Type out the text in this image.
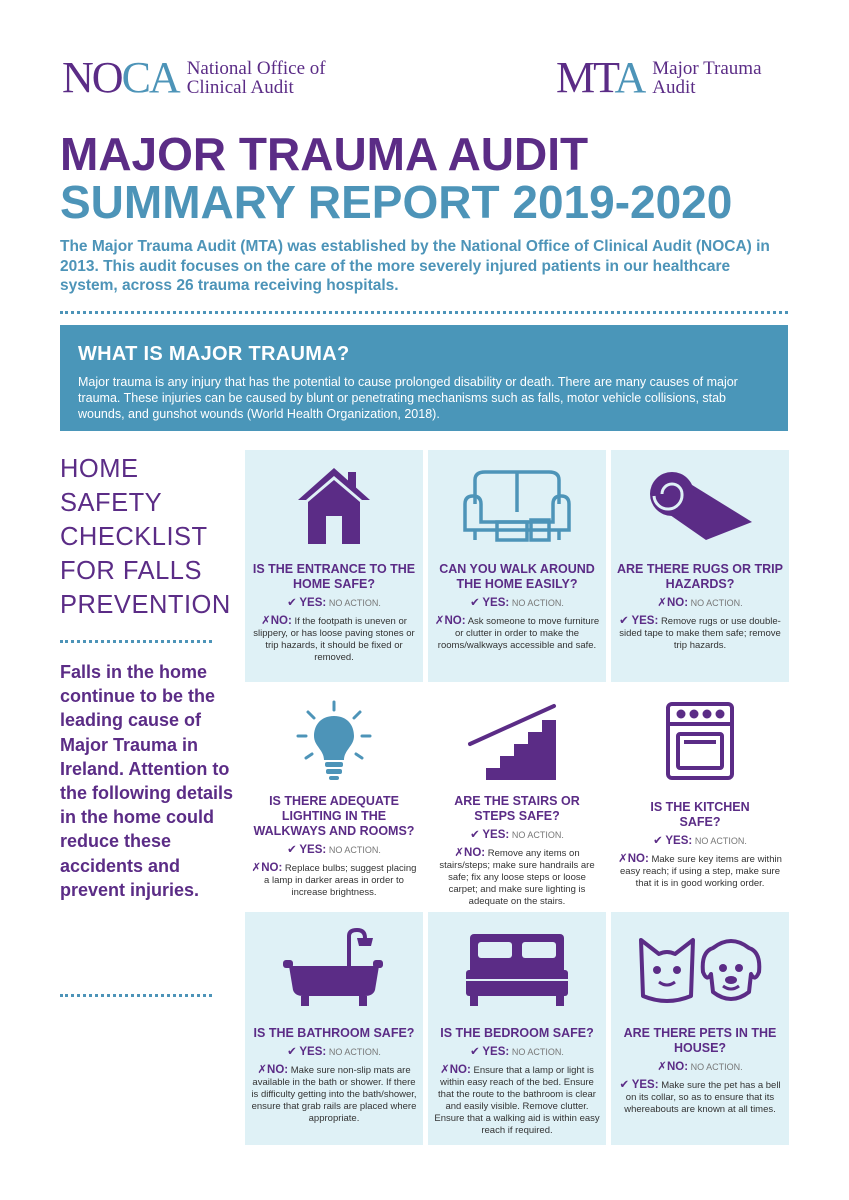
NOCA National Office of
Clinical Audit	MTA Major Trauma
Audit
MAJOR TRAUMA AUDIT
SUMMARY REPORT 2019-2020
The Major Trauma Audit (MTA) was established by the National Office of Clinical Audit (NOCA) in 2013. This audit focuses on the care of the more severely injured patients in our healthcare system, across 26 trauma receiving hospitals.
WHAT IS MAJOR TRAUMA?

Major trauma is any injury that has the potential to cause prolonged disability or death. There are many causes of major trauma. These injuries can be caused by blunt or penetrating mechanisms such as falls, motor vehicle collisions, stab wounds, and gunshot wounds (World Health Organization, 2018).

HOME
SAFETY
CHECKLIST
FOR FALLS
PREVENTION
Falls in the home continue to be the leading cause of Major Trauma in Ireland. Attention to the following details in the home could reduce these accidents and prevent injuries.
IS THE ENTRANCE TO THE HOME SAFE?
✔ YES: NO ACTION.
✗NO: If the footpath is uneven or slippery, or has loose paving stones or trip hazards, it should be fixed or removed.
CAN YOU WALK AROUND THE HOME EASILY?
✔ YES: NO ACTION.
✗NO: Ask someone to move furniture or clutter in order to make the rooms/walkways accessible and safe.
ARE THERE RUGS OR TRIP HAZARDS?
✗NO: NO ACTION.
✔ YES: Remove rugs or use double-sided tape to make them safe; remove trip hazards.
IS THERE ADEQUATE LIGHTING IN THE WALKWAYS AND ROOMS?
✔ YES: NO ACTION.
✗NO: Replace bulbs; suggest placing a lamp in darker areas in order to increase brightness.
ARE THE STAIRS OR STEPS SAFE?
✔ YES: NO ACTION.
✗NO: Remove any items on stairs/steps; make sure handrails are safe; fix any loose steps or loose carpet; and make sure lighting is adequate on the stairs.
IS THE KITCHEN SAFE?
✔ YES: NO ACTION.
✗NO: Make sure key items are within easy reach; if using a step, make sure that it is in good working order.
IS THE BATHROOM SAFE?
✔ YES: NO ACTION.
✗NO: Make sure non-slip mats are available in the bath or shower. If there is difficulty getting into the bath/shower, ensure that grab rails are placed where appropriate.
IS THE BEDROOM SAFE?
✔ YES: NO ACTION.
✗NO: Ensure that a lamp or light is within easy reach of the bed. Ensure that the route to the bathroom is clear and easily visible. Remove clutter. Ensure that a walking aid is within easy reach if required.
ARE THERE PETS IN THE HOUSE?
✗NO: NO ACTION.
✔ YES: Make sure the pet has a bell on its collar, so as to ensure that its whereabouts are known at all times.
